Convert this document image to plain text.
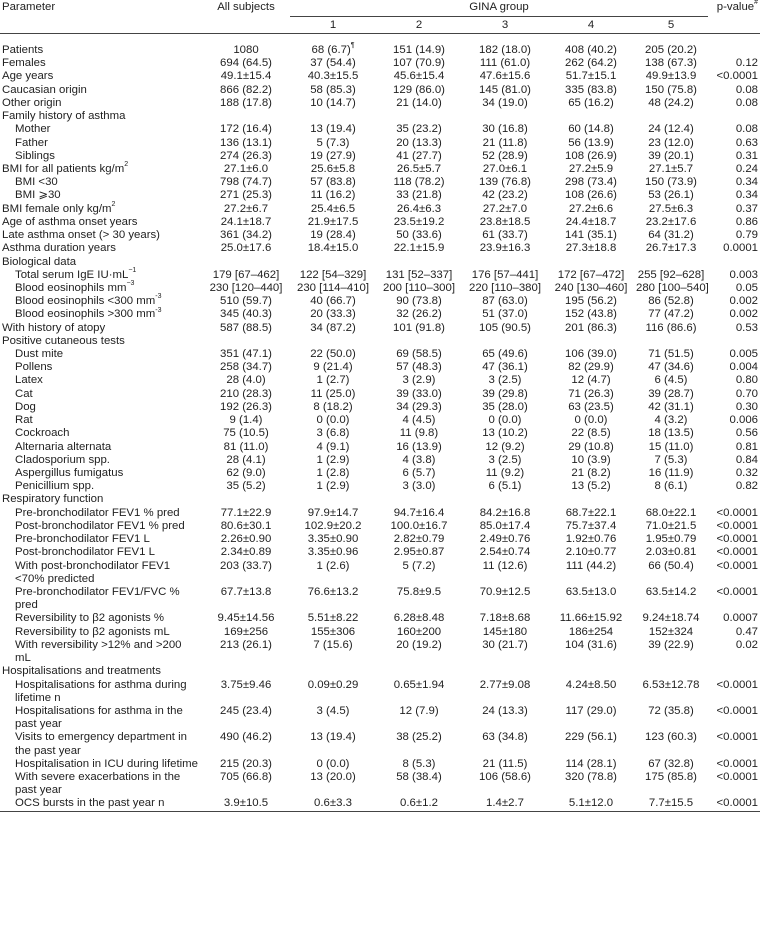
Parameter	All subjects	GINA group					p-value#
		1	2	3	4	5	

Patients	1080	68 (6.7)¶	151 (14.9)	182 (18.0)	408 (40.2)	205 (20.2)	
Females	694 (64.5)	37 (54.4)	107 (70.9)	111 (61.0)	262 (64.2)	138 (67.3)	0.12
Age years	49.1±15.4	40.3±15.5	45.6±15.4	47.6±15.6	51.7±15.1	49.9±13.9	<0.0001
Caucasian origin	866 (82.2)	58 (85.3)	129 (86.0)	145 (81.0)	335 (83.8)	150 (75.8)	0.08
Other origin	188 (17.8)	10 (14.7)	21 (14.0)	34 (19.0)	65 (16.2)	48 (24.2)	0.08
Family history of asthma							
Mother	172 (16.4)	13 (19.4)	35 (23.2)	30 (16.8)	60 (14.8)	24 (12.4)	0.08
Father	136 (13.1)	5 (7.3)	20 (13.3)	21 (11.8)	56 (13.9)	23 (12.0)	0.63
Siblings	274 (26.3)	19 (27.9)	41 (27.7)	52 (28.9)	108 (26.9)	39 (20.1)	0.31
BMI for all patients $kg/m^2$	27.1±6.0	25.6±5.8	26.5±5.7	27.0±6.1	27.2±5.9	27.1±5.7	0.24
BMI <30	798 (74.7)	57 (83.8)	118 (78.2)	139 (76.8)	298 (73.4)	150 (73.9)	0.34
BMI ⩾30	271 (25.3)	11 (16.2)	33 (21.8)	42 (23.2)	108 (26.6)	53 (26.1)	0.34
BMI female only $kg/m^2$	27.2±6.7	25.4±6.5	26.4±6.3	27.2±7.0	27.2±6.6	27.5±6.3	0.37
Age of asthma onset years	24.1±18.7	21.9±17.5	23.5±19.2	23.8±18.5	24.4±18.7	23.2±17.6	0.86
Late asthma onset (> 30 years)	361 (34.2)	19 (28.4)	50 (33.6)	61 (33.7)	141 (35.1)	64 (31.2)	0.79
Asthma duration years	25.0±17.6	18.4±15.0	22.1±15.9	23.9±16.3	27.3±18.8	26.7±17.3	0.0001
Biological data							
Total serum IgE $IU\cdot mL^{-1}$	179 [67–462]	122 [54–329]	131 [52–337]	176 [57–441]	172 [67–472]	255 [92–628]	0.003
Blood eosinophils $mm^{-3}$	230 [120–440]	230 [114–410]	200 [110–300]	220 [110–380]	240 [130–460]	280 [100–540]	0.05
Blood eosinophils <300 $mm^{-3}$	510 (59.7)	40 (66.7)	90 (73.8)	87 (63.0)	195 (56.2)	86 (52.8)	0.002
Blood eosinophils >300 $mm^{-3}$	345 (40.3)	20 (33.3)	32 (26.2)	51 (37.0)	152 (43.8)	77 (47.2)	0.002
With history of atopy	587 (88.5)	34 (87.2)	101 (91.8)	105 (90.5)	201 (86.3)	116 (86.6)	0.53
Positive cutaneous tests							
Dust mite	351 (47.1)	22 (50.0)	69 (58.5)	65 (49.6)	106 (39.0)	71 (51.5)	0.005
Pollens	258 (34.7)	9 (21.4)	57 (48.3)	47 (36.1)	82 (29.9)	47 (34.6)	0.004
Latex	28 (4.0)	1 (2.7)	3 (2.9)	3 (2.5)	12 (4.7)	6 (4.5)	0.80
Cat	210 (28.3)	11 (25.0)	39 (33.0)	39 (29.8)	71 (26.3)	39 (28.7)	0.70
Dog	192 (26.3)	8 (18.2)	34 (29.3)	35 (28.0)	63 (23.5)	42 (31.1)	0.30
Rat	9 (1.4)	0 (0.0)	4 (4.5)	0 (0.0)	0 (0.0)	4 (3.2)	0.006
Cockroach	75 (10.5)	3 (6.8)	11 (9.8)	13 (10.2)	22 (8.5)	18 (13.5)	0.56
Alternaria alternata	81 (11.0)	4 (9.1)	16 (13.9)	12 (9.2)	29 (10.8)	15 (11.0)	0.81
Cladosporium spp.	28 (4.1)	1 (2.9)	4 (3.8)	3 (2.5)	10 (3.9)	7 (5.3)	0.84
Aspergillus fumigatus	62 (9.0)	1 (2.8)	6 (5.7)	11 (9.2)	21 (8.2)	16 (11.9)	0.32
Penicillium spp.	35 (5.2)	1 (2.9)	3 (3.0)	6 (5.1)	13 (5.2)	8 (6.1)	0.82
Respiratory function							
Pre-bronchodilator FEV1 % pred	77.1±22.9	97.9±14.7	94.7±16.4	84.2±16.8	68.7±22.1	68.0±22.1	<0.0001
Post-bronchodilator FEV1 % pred	80.6±30.1	102.9±20.2	100.0±16.7	85.0±17.4	75.7±37.4	71.0±21.5	<0.0001
Pre-bronchodilator FEV1 L	2.26±0.90	3.35±0.90	2.82±0.79	2.49±0.76	1.92±0.76	1.95±0.79	<0.0001
Post-bronchodilator FEV1 L	2.34±0.89	3.35±0.96	2.95±0.87	2.54±0.74	2.10±0.77	2.03±0.81	<0.0001
With post-bronchodilator FEV1 <70% predicted	203 (33.7)	1 (2.6)	5 (7.2)	11 (12.6)	111 (44.2)	66 (50.4)	<0.0001
Pre-bronchodilator FEV1/FVC % pred	67.7±13.8	76.6±13.2	75.8±9.5	70.9±12.5	63.5±13.0	63.5±14.2	<0.0001
Reversibility to β2 agonists %	9.45±14.56	5.51±8.22	6.28±8.48	7.18±8.68	11.66±15.92	9.24±18.74	0.0007
Reversibility to β2 agonists mL	169±256	155±306	160±200	145±180	186±254	152±324	0.47
With reversibility >12% and >200 mL	213 (26.1)	7 (15.6)	20 (19.2)	30 (21.7)	104 (31.6)	39 (22.9)	0.02
Hospitalisations and treatments							
Hospitalisations for asthma during lifetime n	3.75±9.46	0.09±0.29	0.65±1.94	2.77±9.08	4.24±8.50	6.53±12.78	<0.0001
Hospitalisations for asthma in the past year	245 (23.4)	3 (4.5)	12 (7.9)	24 (13.3)	117 (29.0)	72 (35.8)	<0.0001
Visits to emergency department in the past year	490 (46.2)	13 (19.4)	38 (25.2)	63 (34.8)	229 (56.1)	123 (60.3)	<0.0001
Hospitalisation in ICU during lifetime	215 (20.3)	0 (0.0)	8 (5.3)	21 (11.5)	114 (28.1)	67 (32.8)	<0.0001
With severe exacerbations in the past year	705 (66.8)	13 (20.0)	58 (38.4)	106 (58.6)	320 (78.8)	175 (85.8)	<0.0001
OCS bursts in the past year n	3.9±10.5	0.6±3.3	0.6±1.2	1.4±2.7	5.1±12.0	7.7±15.5	<0.0001
